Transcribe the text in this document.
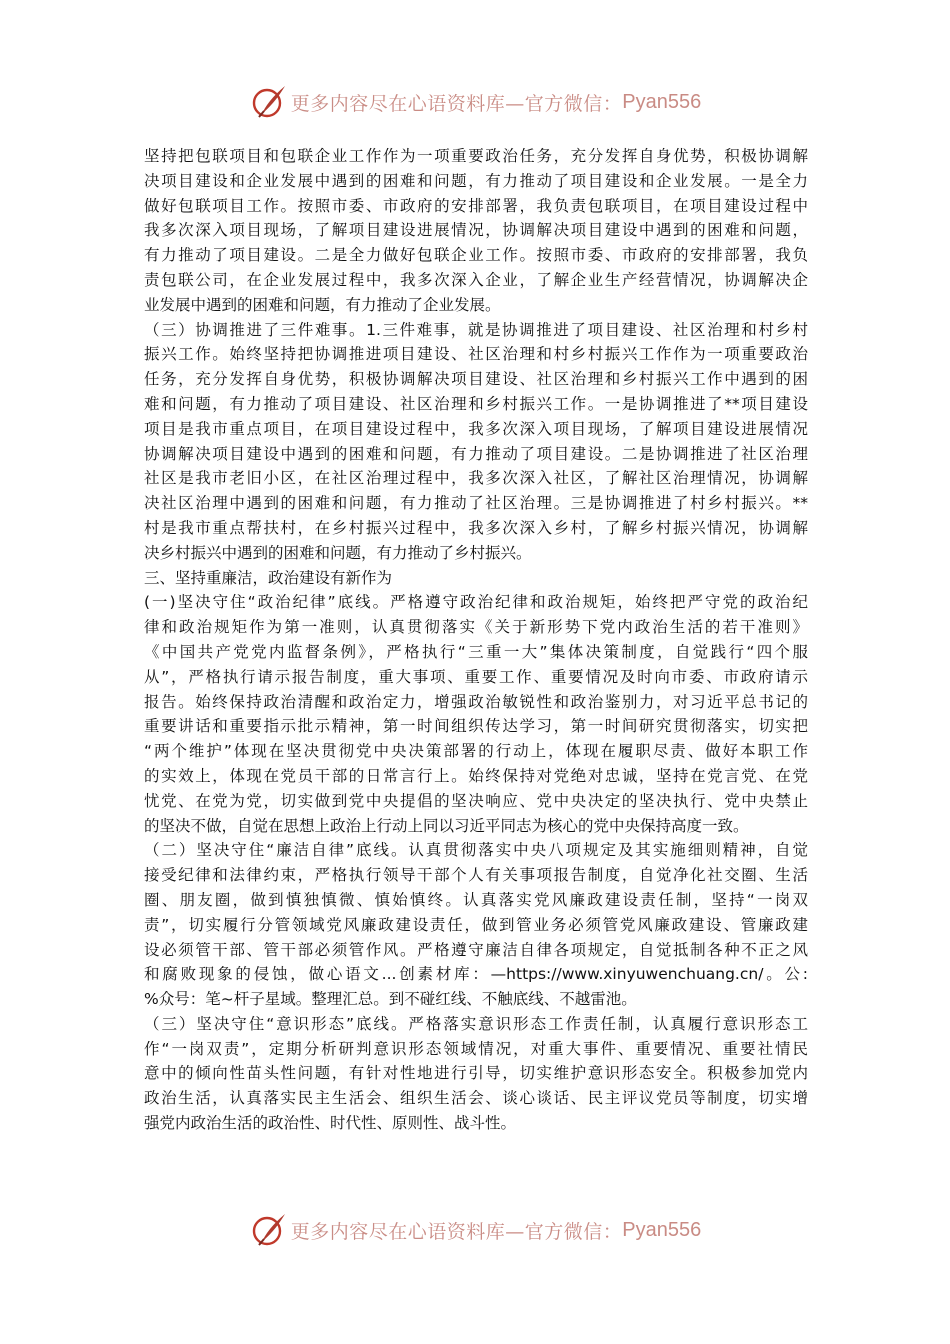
更多内容尽在心语资料库—官方微信： Pyan556
坚持把包联项目和包联企业工作作为一项重要政治任务，充分发挥自身优势，积极协调解
决项目建设和企业发展中遇到的困难和问题，有力推动了项目建设和企业发展。一是全力
做好包联项目工作。按照市委、市政府的安排部署，我负责包联项目，在项目建设过程中
我多次深入项目现场，了解项目建设进展情况，协调解决项目建设中遇到的困难和问题，
有力推动了项目建设。二是全力做好包联企业工作。按照市委、市政府的安排部署，我负
责包联公司，在企业发展过程中，我多次深入企业，了解企业生产经营情况，协调解决企
业发展中遇到的困难和问题，有力推动了企业发展。
（三）协调推进了三件难事。1.三件难事，就是协调推进了项目建设、社区治理和村乡村
振兴工作。始终坚持把协调推进项目建设、社区治理和村乡村振兴工作作为一项重要政治
任务，充分发挥自身优势，积极协调解决项目建设、社区治理和乡村振兴工作中遇到的困
难和问题，有力推动了项目建设、社区治理和乡村振兴工作。一是协调推进了**项目建设
项目是我市重点项目，在项目建设过程中，我多次深入项目现场，了解项目建设进展情况
协调解决项目建设中遇到的困难和问题，有力推动了项目建设。二是协调推进了社区治理
社区是我市老旧小区，在社区治理过程中，我多次深入社区，了解社区治理情况，协调解
决社区治理中遇到的困难和问题，有力推动了社区治理。三是协调推进了村乡村振兴。**
村是我市重点帮扶村，在乡村振兴过程中，我多次深入乡村，了解乡村振兴情况，协调解
决乡村振兴中遇到的困难和问题，有力推动了乡村振兴。
三、坚持重廉洁，政治建设有新作为
(一)坚决守住“政治纪律”底线。严格遵守政治纪律和政治规矩，始终把严守党的政治纪
律和政治规矩作为第一准则，认真贯彻落实《关于新形势下党内政治生活的若干准则》
《中国共产党党内监督条例》，严格执行“三重一大”集体决策制度，自觉践行“四个服
从”，严格执行请示报告制度，重大事项、重要工作、重要情况及时向市委、市政府请示
报告。始终保持政治清醒和政治定力，增强政治敏锐性和政治鉴别力，对习近平总书记的
重要讲话和重要指示批示精神，第一时间组织传达学习，第一时间研究贯彻落实，切实把
“两个维护”体现在坚决贯彻党中央决策部署的行动上，体现在履职尽责、做好本职工作
的实效上，体现在党员干部的日常言行上。始终保持对党绝对忠诚，坚持在党言党、在党
忧党、在党为党，切实做到党中央提倡的坚决响应、党中央决定的坚决执行、党中央禁止
的坚决不做，自觉在思想上政治上行动上同以习近平同志为核心的党中央保持高度一致。
（二）坚决守住“廉洁自律”底线。认真贯彻落实中央八项规定及其实施细则精神，自觉
接受纪律和法律约束，严格执行领导干部个人有关事项报告制度，自觉净化社交圈、生活
圈、朋友圈，做到慎独慎微、慎始慎终。认真落实党风廉政建设责任制，坚持“一岗双
责”，切实履行分管领域党风廉政建设责任，做到管业务必须管党风廉政建设、管廉政建
设必须管干部、管干部必须管作风。严格遵守廉洁自律各项规定，自觉抵制各种不正之风
和腐败现象的侵蚀，做心语文...创素材库：—https://www.xinyuwenchuang.cn/。公:
%众号：笔~杆子星域。整理汇总。到不碰红线、不触底线、不越雷池。
（三）坚决守住“意识形态”底线。严格落实意识形态工作责任制，认真履行意识形态工
作“一岗双责”，定期分析研判意识形态领域情况，对重大事件、重要情况、重要社情民
意中的倾向性苗头性问题，有针对性地进行引导，切实维护意识形态安全。积极参加党内
政治生活，认真落实民主生活会、组织生活会、谈心谈话、民主评议党员等制度，切实增
强党内政治生活的政治性、时代性、原则性、战斗性。
更多内容尽在心语资料库—官方微信： Pyan556
